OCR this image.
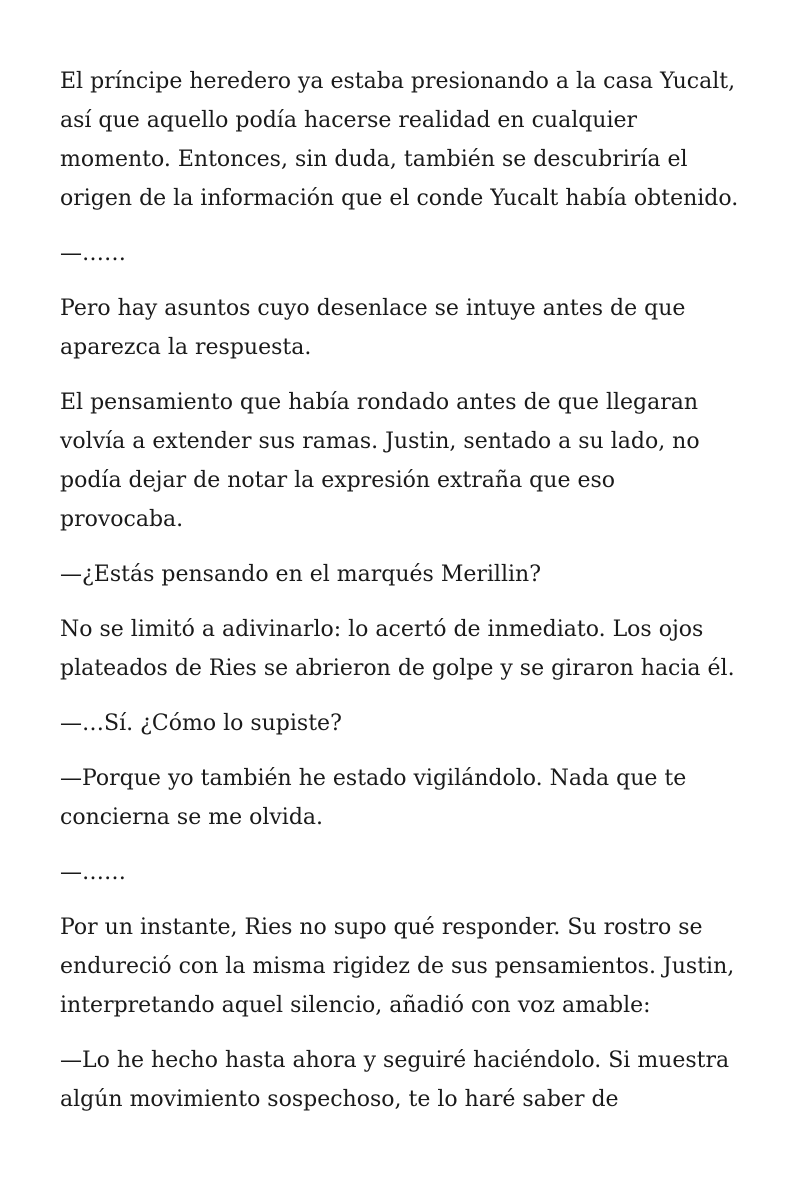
El príncipe heredero ya estaba presionando a la casa Yucalt,
así que aquello podía hacerse realidad en cualquier
momento. Entonces, sin duda, también se descubriría el
origen de la información que el conde Yucalt había obtenido.

—……

Pero hay asuntos cuyo desenlace se intuye antes de que
aparezca la respuesta.

El pensamiento que había rondado antes de que llegaran
volvía a extender sus ramas. Justin, sentado a su lado, no
podía dejar de notar la expresión extraña que eso
provocaba.

—¿Estás pensando en el marqués Merillin?

No se limitó a adivinarlo: lo acertó de inmediato. Los ojos
plateados de Ries se abrieron de golpe y se giraron hacia él.

—…Sí. ¿Cómo lo supiste?

—Porque yo también he estado vigilándolo. Nada que te
concierna se me olvida.

—……

Por un instante, Ries no supo qué responder. Su rostro se
endureció con la misma rigidez de sus pensamientos. Justin,
interpretando aquel silencio, añadió con voz amable:

—Lo he hecho hasta ahora y seguiré haciéndolo. Si muestra
algún movimiento sospechoso, te lo haré saber de
